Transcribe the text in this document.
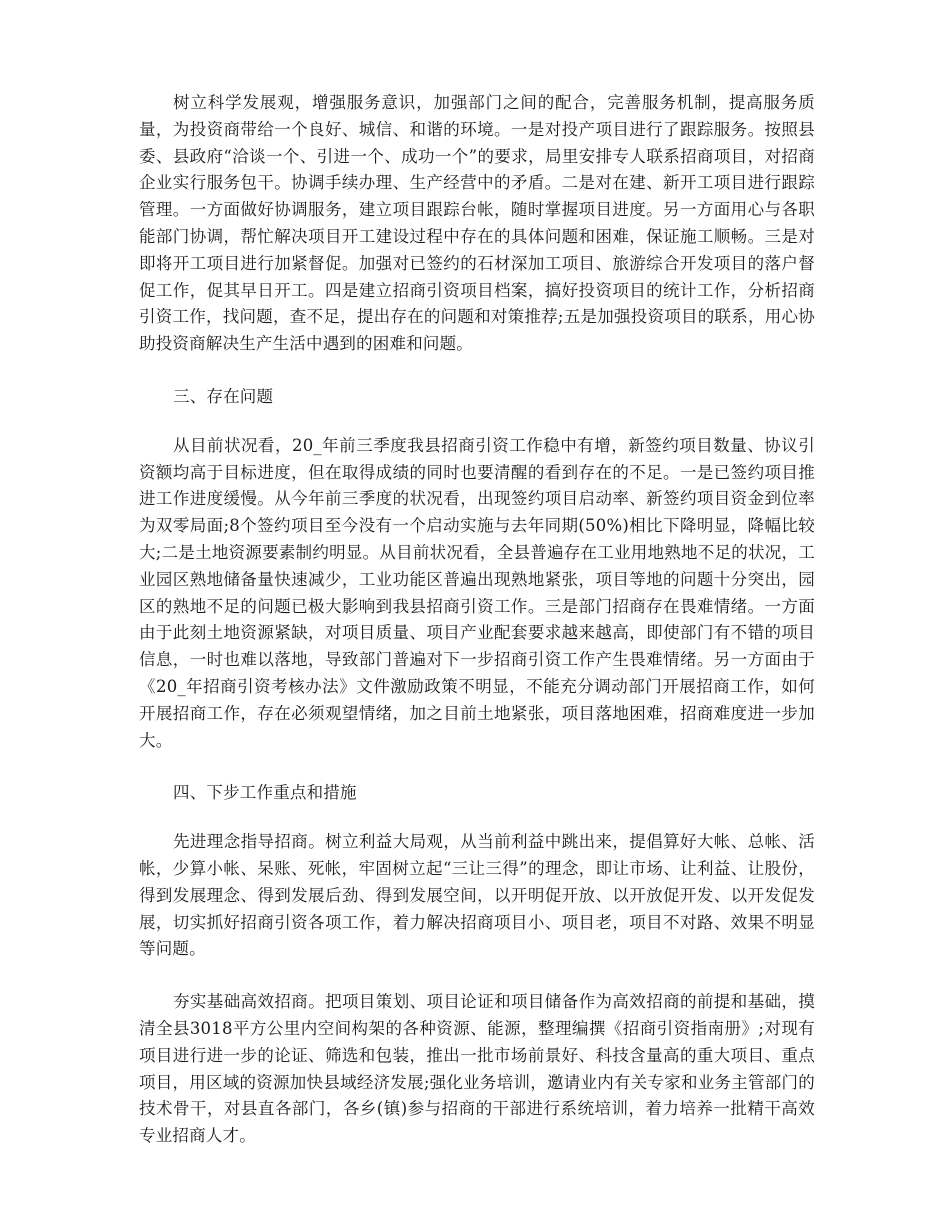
树立科学发展观，增强服务意识，加强部门之间的配合，完善服务机制，提高服务质量，为投资商带给一个良好、城信、和谐的环境。一是对投产项目进行了跟踪服务。按照县委、县政府“洽谈一个、引进一个、成功一个”的要求，局里安排专人联系招商项目，对招商企业实行服务包干。协调手续办理、生产经营中的矛盾。二是对在建、新开工项目进行跟踪管理。一方面做好协调服务，建立项目跟踪台帐，随时掌握项目进度。另一方面用心与各职能部门协调，帮忙解决项目开工建设过程中存在的具体问题和困难，保证施工顺畅。三是对即将开工项目进行加紧督促。加强对已签约的石材深加工项目、旅游综合开发项目的落户督促工作，促其早日开工。四是建立招商引资项目档案，搞好投资项目的统计工作，分析招商引资工作，找问题，查不足，提出存在的问题和对策推荐;五是加强投资项目的联系，用心协助投资商解决生产生活中遇到的困难和问题。

三、存在问题

从目前状况看，20_年前三季度我县招商引资工作稳中有增，新签约项目数量、协议引资额均高于目标进度，但在取得成绩的同时也要清醒的看到存在的不足。一是已签约项目推进工作进度缓慢。从今年前三季度的状况看，出现签约项目启动率、新签约项目资金到位率为双零局面;8个签约项目至今没有一个启动实施与去年同期(50%)相比下降明显，降幅比较大;二是土地资源要素制约明显。从目前状况看，全县普遍存在工业用地熟地不足的状况，工业园区熟地储备量快速减少，工业功能区普遍出现熟地紧张，项目等地的问题十分突出，园区的熟地不足的问题已极大影响到我县招商引资工作。三是部门招商存在畏难情绪。一方面由于此刻土地资源紧缺，对项目质量、项目产业配套要求越来越高，即使部门有不错的项目信息，一时也难以落地，导致部门普遍对下一步招商引资工作产生畏难情绪。另一方面由于《20_年招商引资考核办法》文件激励政策不明显，不能充分调动部门开展招商工作，如何开展招商工作，存在必须观望情绪，加之目前土地紧张，项目落地困难，招商难度进一步加大。

四、下步工作重点和措施

先进理念指导招商。树立利益大局观，从当前利益中跳出来，提倡算好大帐、总帐、活帐，少算小帐、呆账、死帐，牢固树立起“三让三得”的理念，即让市场、让利益、让股份，得到发展理念、得到发展后劲、得到发展空间，以开明促开放、以开放促开发、以开发促发展，切实抓好招商引资各项工作，着力解决招商项目小、项目老，项目不对路、效果不明显等问题。

夯实基础高效招商。把项目策划、项目论证和项目储备作为高效招商的前提和基础，摸清全县3018平方公里内空间构架的各种资源、能源，整理编撰《招商引资指南册》;对现有项目进行进一步的论证、筛选和包装，推出一批市场前景好、科技含量高的重大项目、重点项目，用区域的资源加快县域经济发展;强化业务培训，邀请业内有关专家和业务主管部门的技术骨干，对县直各部门，各乡(镇)参与招商的干部进行系统培训，着力培养一批精干高效专业招商人才。
